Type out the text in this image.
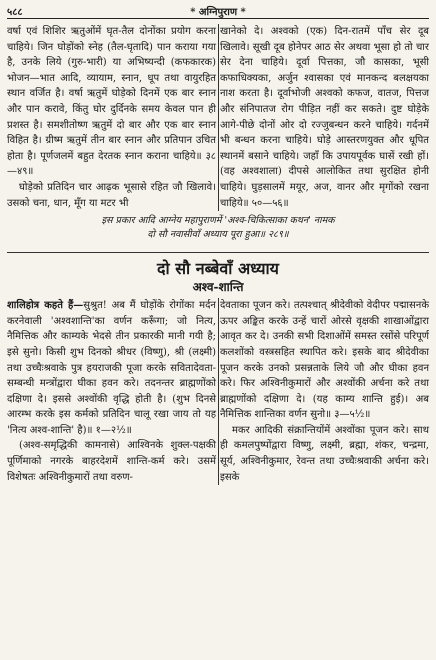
५८८	* अग्निपुराण *

वर्षा एवं शिशिर ऋतुओंमें घृत-तैल दोनोंका प्रयोग करना चाहिये। जिन घोड़ोंको स्नेह (तैल-घृतादि) पान कराया गया है, उनके लिये (गुरु-भारी) या अभिष्यन्दी (कफकारक) भोजन—भात आदि, व्यायाम, स्नान, धूप तथा वायुरहित स्थान वर्जित है। वर्षा ऋतुमें घोड़ेको दिनमें एक बार स्नान और पान करावे, किंतु घोर दुर्दिनके समय केवल पान ही प्रशस्त है। समशीतोष्ण ऋतुमें दो बार और एक बार स्नान विहित है। ग्रीष्म ऋतुमें तीन बार स्नान और प्रतिपान उचित होता है। पूर्णजलमें बहुत देरतक स्नान कराना चाहिये॥ ३८—४९॥

घोड़ेको प्रतिदिन चार आढ़क भूसासे रहित जौ खिलावे। उसको चना, धान, मूँग या मटर भी

खानेको दे। अश्वको (एक) दिन-रातमें पाँच सेर दूब खिलावे। सूखी दूब होनेपर आठ सेर अथवा भूसा हो तो चार सेर देना चाहिये। दूर्वा पित्तका, जौ कासका, भूसी कफाधिक्यका, अर्जुन श्वासका एवं मानकन्द बलक्षयका नाश करता है। दूर्वाभोजी अश्वको कफज, वातज, पित्तज और संनिपातज रोग पीड़ित नहीं कर सकते। दुष्ट घोड़ेके आगे-पीछे दोनों ओर दो रज्जुबन्धन करने चाहिये। गर्दनमें भी बन्धन करना चाहिये। घोड़े आस्तरणयुक्त और धूपित स्थानमें बसाने चाहिये। जहाँ कि उपायपूर्वक घासें रखी हों। (वह अश्वशाला) दीपसे आलोकित तथा सुरक्षित होनी चाहिये। घुड़सालमें मयूर, अज, वानर और मृगोंको रखना चाहिये॥ ५०—५६॥

इस प्रकार आदि आग्नेय महापुराणमें 'अश्व-चिकित्साका कथन' नामक
दो सौ नवासीवाँ अध्याय पूरा हुआ॥ २८९॥
दो सौ नब्बेवाँ अध्याय
अश्व-शान्ति

शालिहोत्र कहते हैं—सुश्रुत! अब मैं घोड़ोंके रोगोंका मर्दन करनेवाली 'अश्वशान्ति'का वर्णन करूँगा; जो नित्य, नैमित्तिक और काम्यके भेदसे तीन प्रकारकी मानी गयी है; इसे सुनो। किसी शुभ दिनको श्रीधर (विष्णु), श्री (लक्ष्मी) तथा उच्चैःश्रवाके पुत्र हयराजकी पूजा करके सवितादेवता-सम्बन्धी मन्त्रोंद्वारा घीका हवन करे। तदनन्तर ब्राह्मणोंको दक्षिणा दे। इससे अश्वोंकी वृद्धि होती है। (शुभ दिनसे आरम्भ करके इस कर्मको प्रतिदिन चालू रखा जाय तो यह 'नित्य अश्व-शान्ति' है)॥ १—२½॥

(अश्व-समृद्धिकी कामनासे) आश्विनके शुक्ल-पक्षकी पूर्णिमाको नगरके बाहरदेशमें शान्ति-कर्म करे। उसमें विशेषतः अश्विनीकुमारों तथा वरुण-

देवताका पूजन करे। तत्पश्चात् श्रीदेवीको वेदीपर पद्मासनके ऊपर अङ्कित करके उन्हें चारों ओरसे वृक्षकी शाखाओंद्वारा आवृत कर दे। उनकी सभी दिशाओंमें समस्त रसोंसे परिपूर्ण कलशोंको वस्त्रसहित स्थापित करे। इसके बाद श्रीदेवीका पूजन करके उनको प्रसन्नताके लिये जौ और घीका हवन करे। फिर अश्विनीकुमारों और अश्वोंकी अर्चना करे तथा ब्राह्मणोंको दक्षिणा दे। (यह काम्य शान्ति हुई)। अब नैमित्तिक शान्तिका वर्णन सुनो॥ ३—५½॥

मकर आदिकी संक्रान्तियोंमें अश्वोंका पूजन करे। साथ ही कमलपुष्पोंद्वारा विष्णु, लक्ष्मी, ब्रह्मा, शंकर, चन्द्रमा, सूर्य, अश्विनीकुमार, रेवन्त तथा उच्चैःश्रवाकी अर्चना करे। इसके
